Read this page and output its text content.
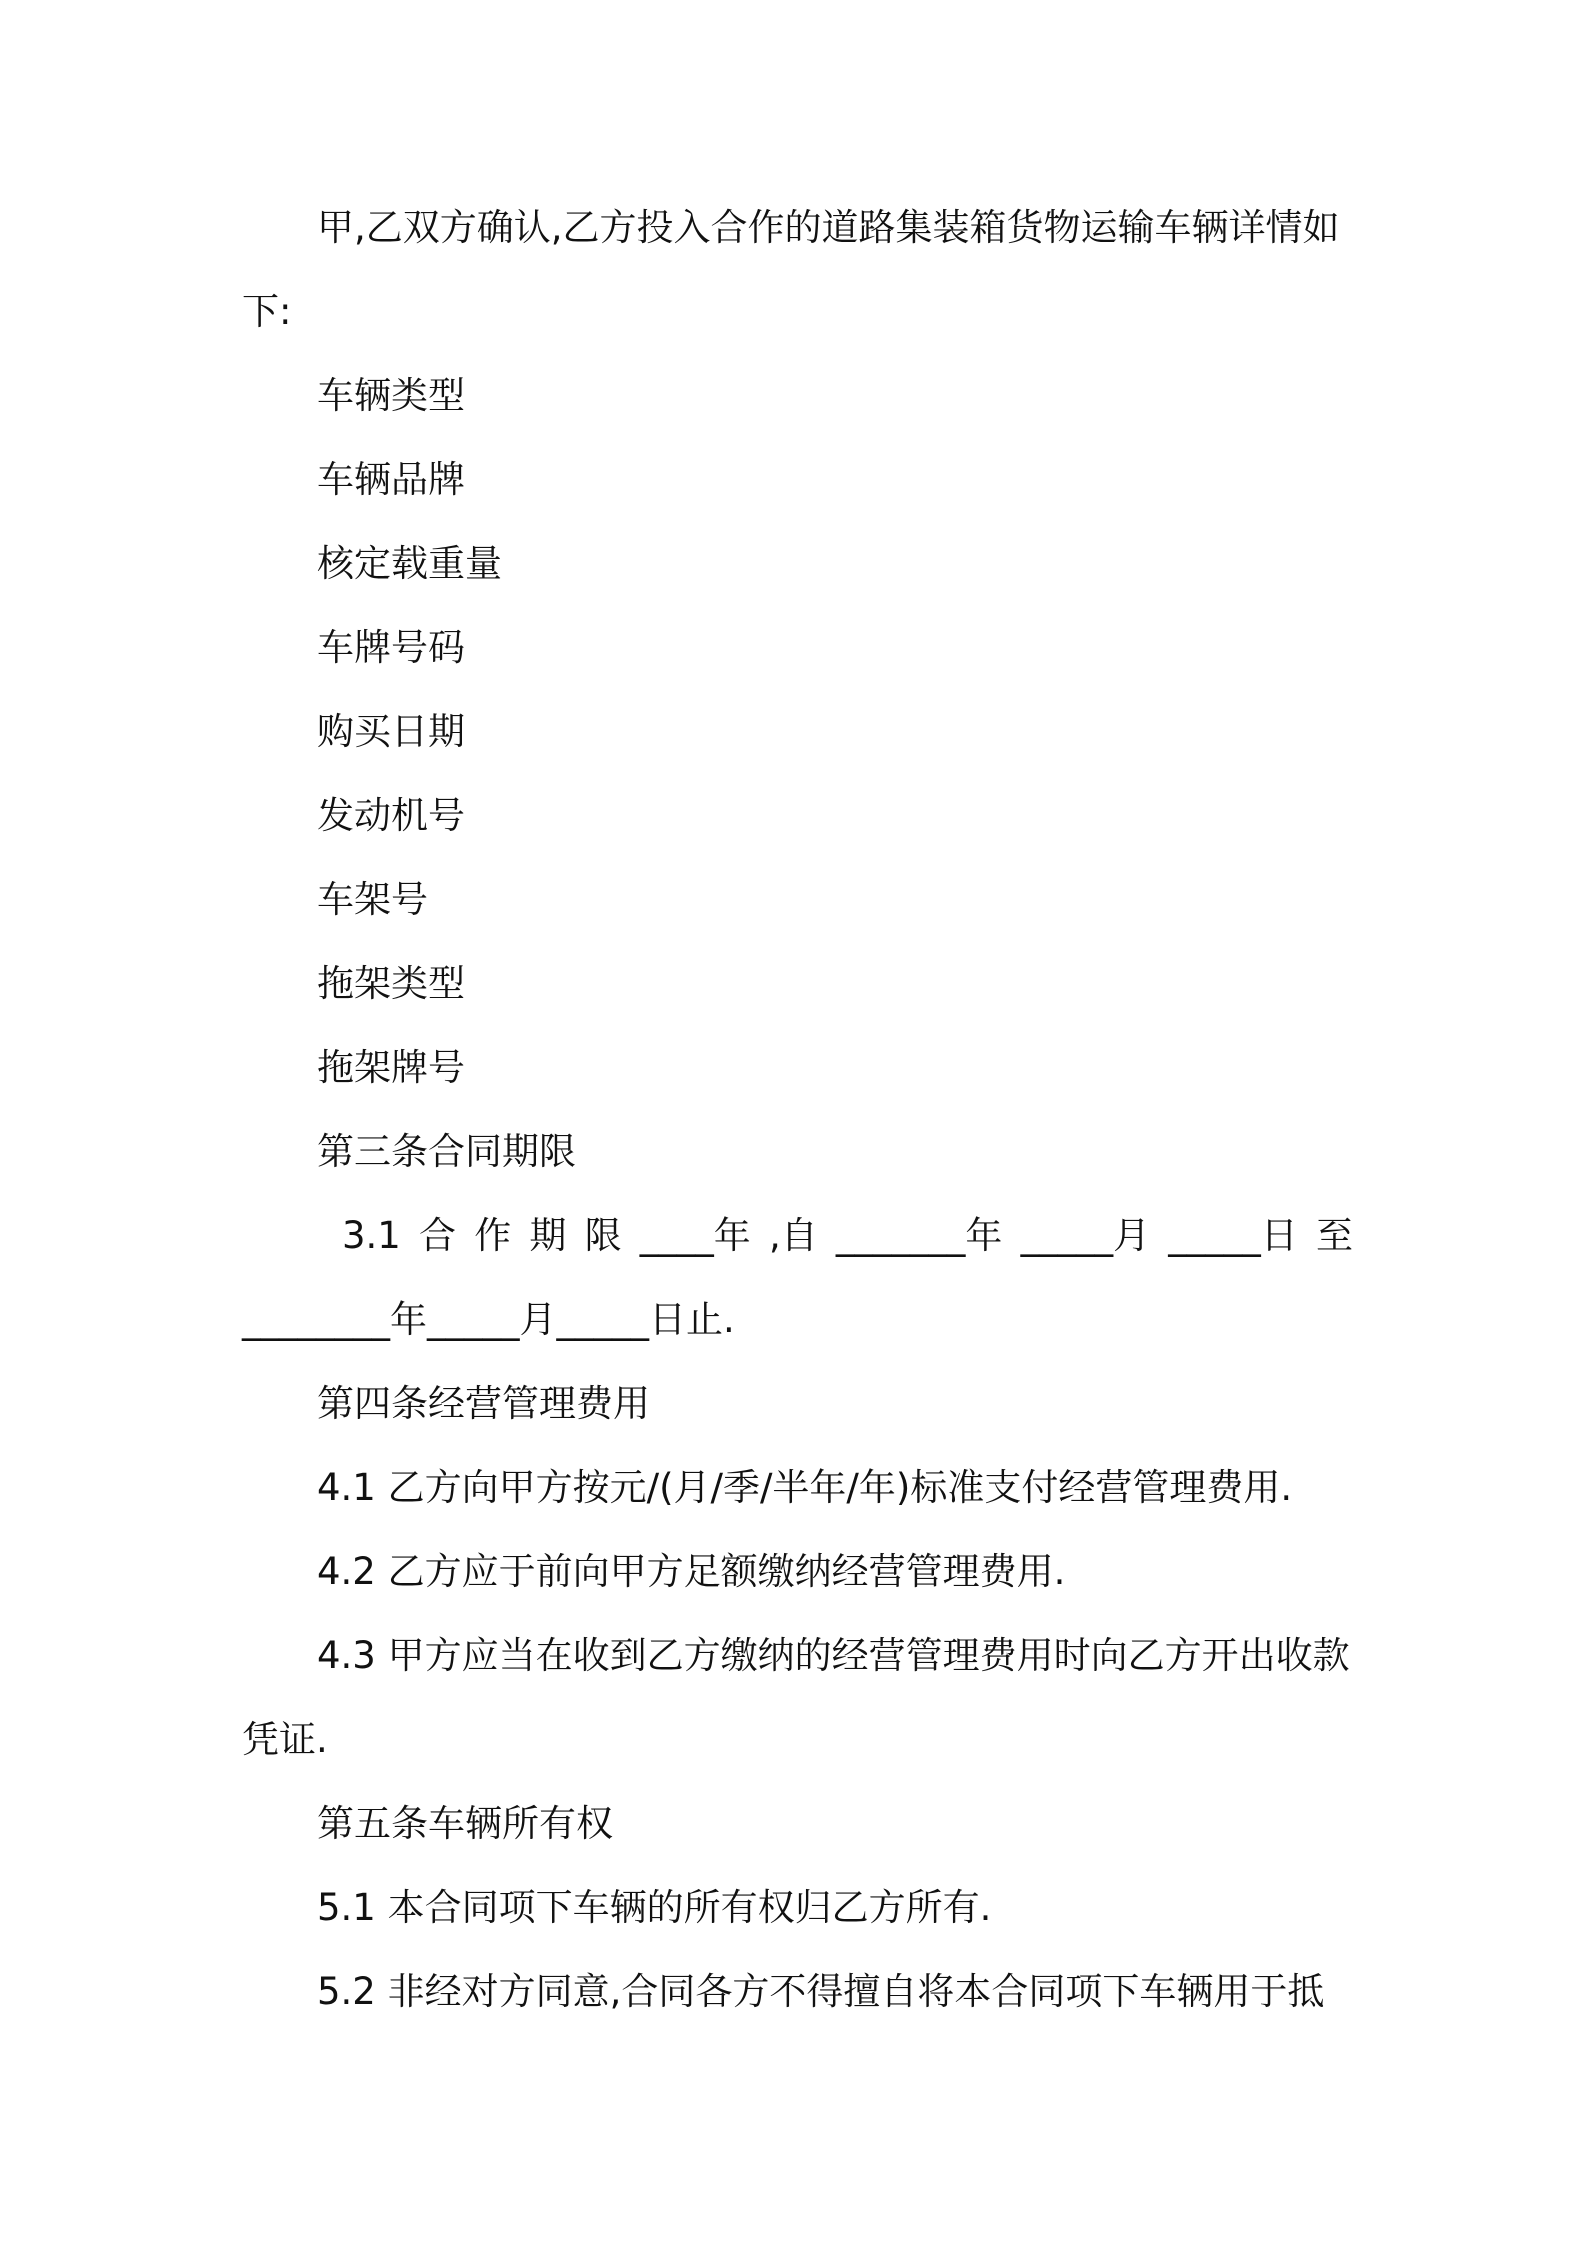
甲,乙双方确认,乙方投入合作的道路集装箱货物运输车辆详情如
下:
车辆类型
车辆品牌
核定载重量
车牌号码
购买日期
发动机号
车架号
拖架类型
拖架牌号
第三条合同期限
3.1 合 作 期 限 ____年 ,自 _______年 _____月 _____日 至
________年_____月_____日止.
第四条经营管理费用
4.1 乙方向甲方按元/(月/季/半年/年)标准支付经营管理费用.
4.2 乙方应于前向甲方足额缴纳经营管理费用.
4.3 甲方应当在收到乙方缴纳的经营管理费用时向乙方开出收款
凭证.
第五条车辆所有权
5.1 本合同项下车辆的所有权归乙方所有.
5.2 非经对方同意,合同各方不得擅自将本合同项下车辆用于抵
